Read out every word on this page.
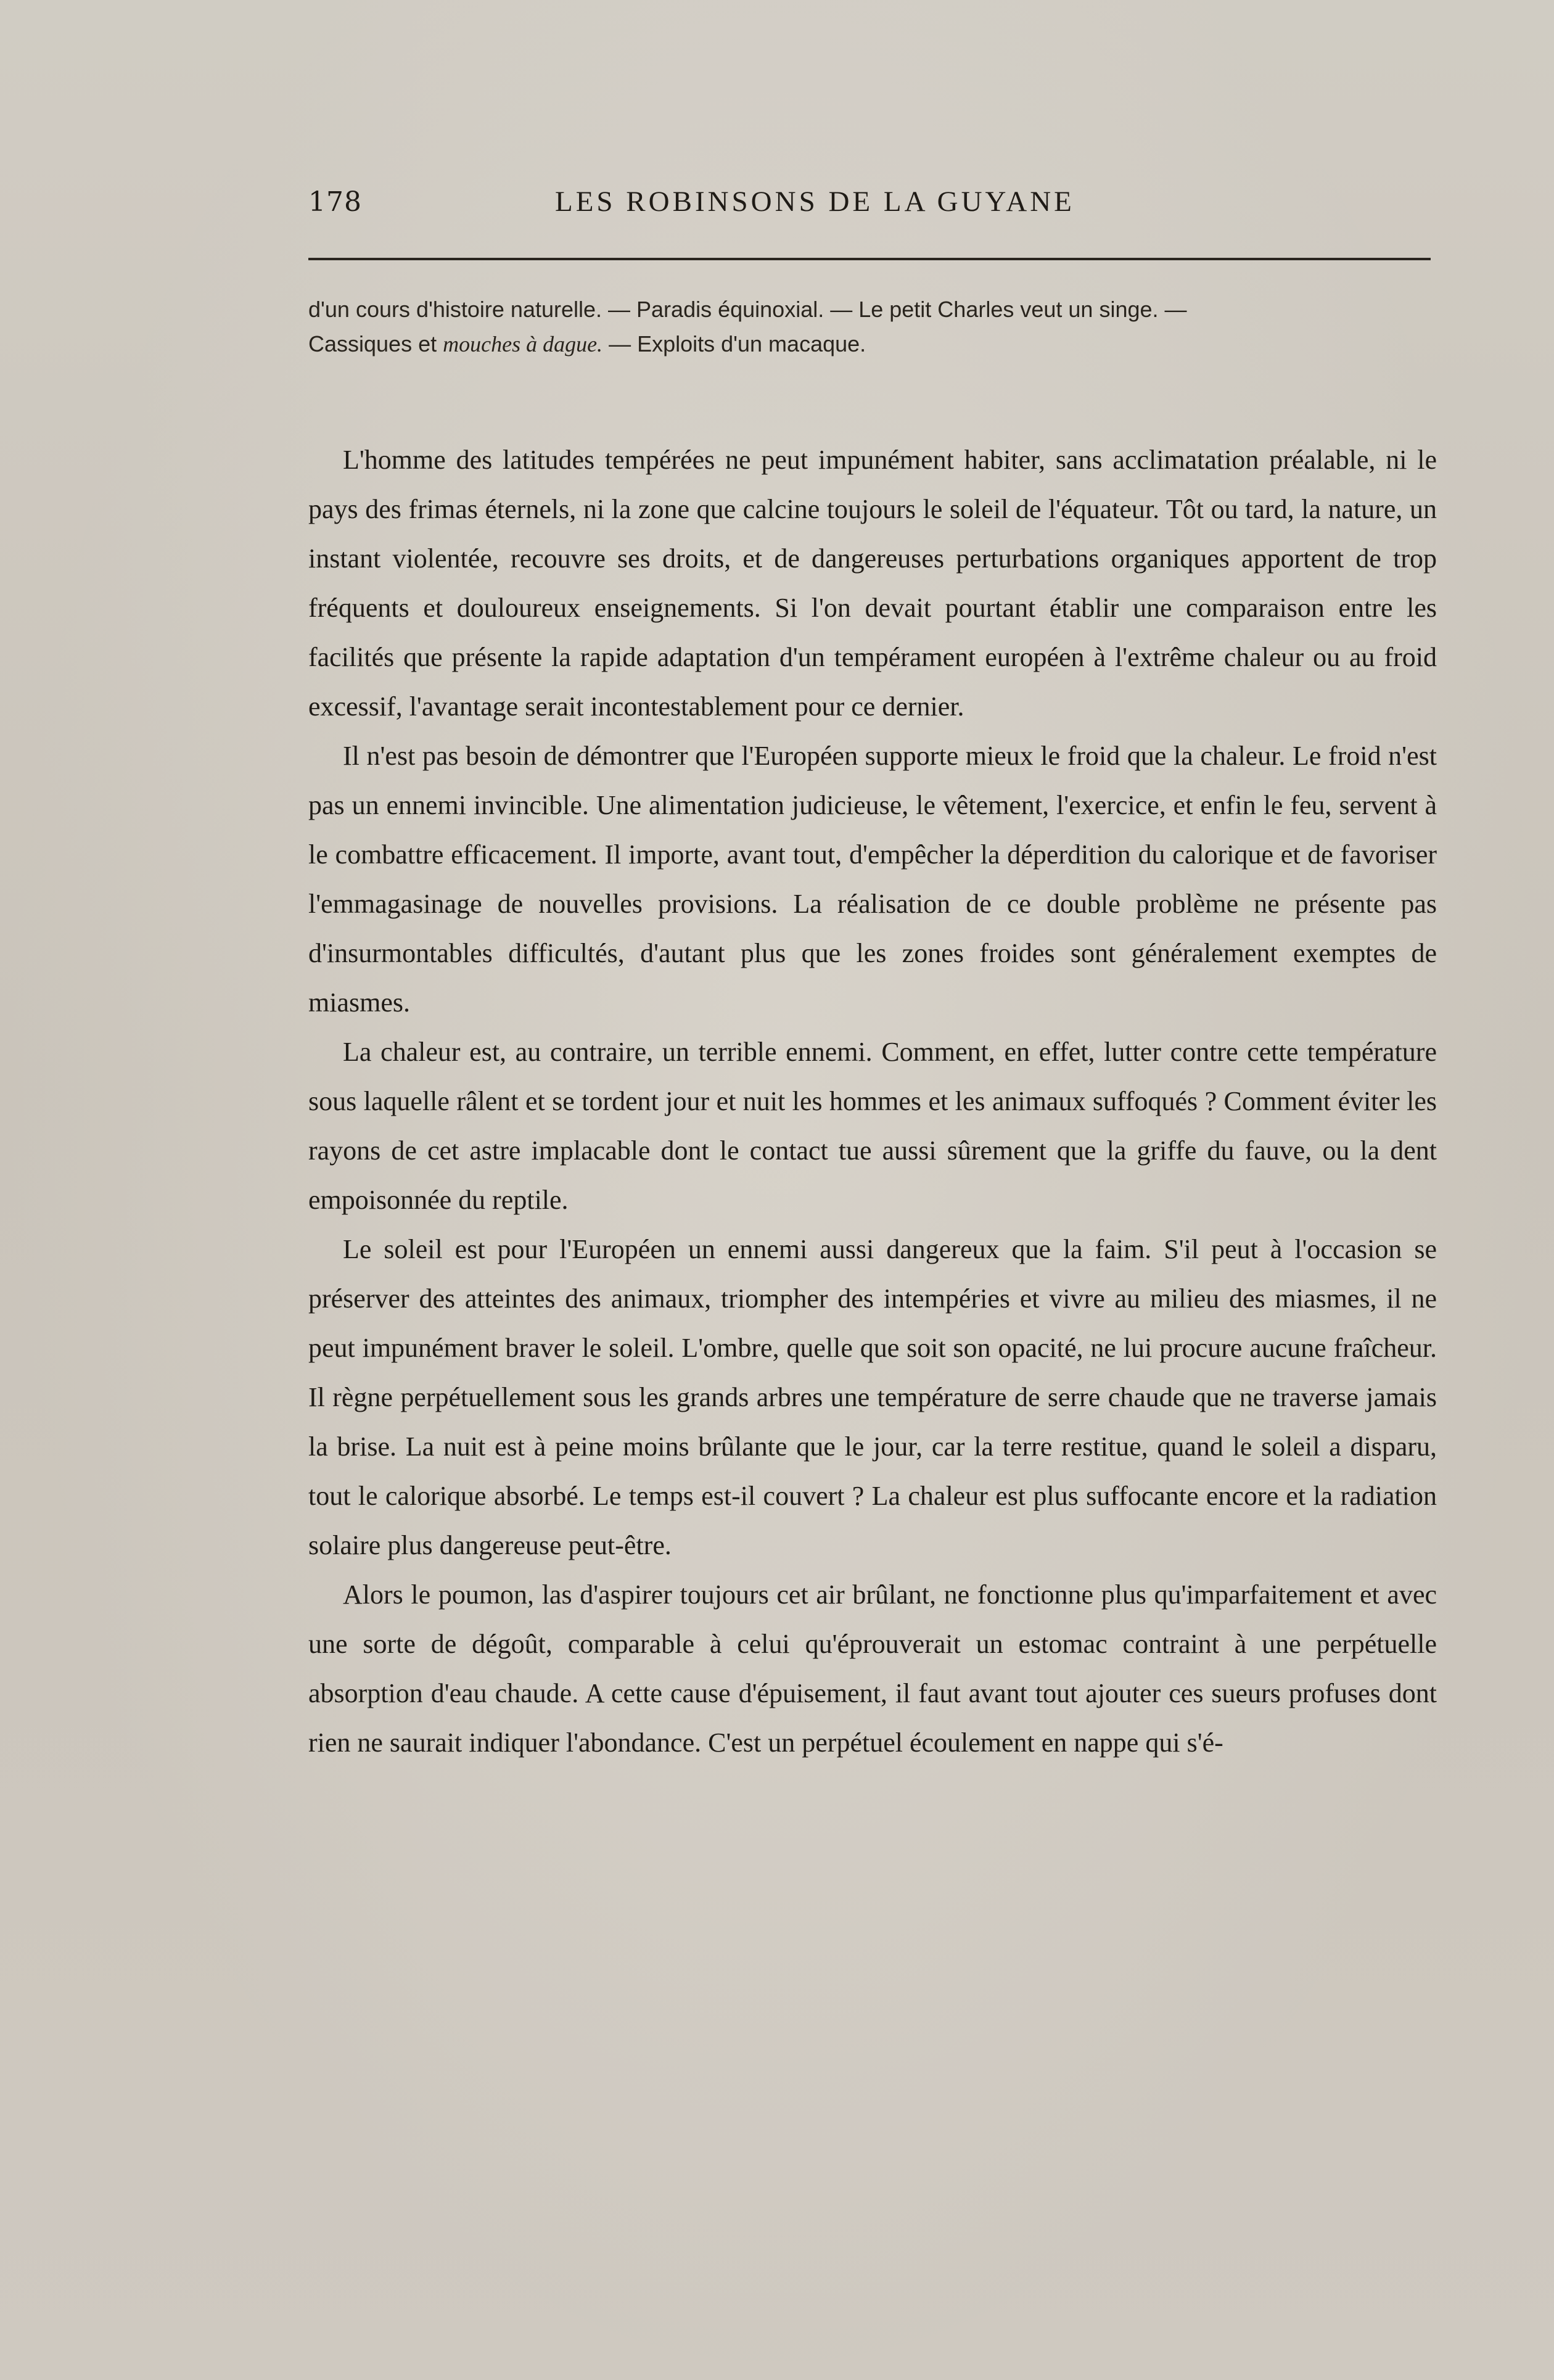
178	LES ROBINSONS DE LA GUYANE
d'un cours d'histoire naturelle. — Paradis équinoxial. — Le petit Charles veut un singe. —
Cassiques et mouches à dague. — Exploits d'un macaque.

L'homme des latitudes tempérées ne peut impunément habiter, sans acclimatation préalable, ni le pays des frimas éternels, ni la zone que calcine toujours le soleil de l'équateur. Tôt ou tard, la nature, un instant violentée, recouvre ses droits, et de dangereuses perturbations organiques apportent de trop fréquents et douloureux enseignements. Si l'on devait pourtant établir une comparaison entre les facilités que présente la rapide adaptation d'un tempérament européen à l'extrême chaleur ou au froid excessif, l'avantage serait incontestablement pour ce dernier.

Il n'est pas besoin de démontrer que l'Européen supporte mieux le froid que la chaleur. Le froid n'est pas un ennemi invincible. Une alimentation judicieuse, le vêtement, l'exercice, et enfin le feu, servent à le combattre efficacement. Il importe, avant tout, d'empêcher la déperdition du calorique et de favoriser l'emmagasinage de nouvelles provisions. La réalisation de ce double problème ne présente pas d'insurmontables difficultés, d'autant plus que les zones froides sont généralement exemptes de miasmes.

La chaleur est, au contraire, un terrible ennemi. Comment, en effet, lutter contre cette température sous laquelle râlent et se tordent jour et nuit les hommes et les animaux suffoqués ? Comment éviter les rayons de cet astre implacable dont le contact tue aussi sûrement que la griffe du fauve, ou la dent empoisonnée du reptile.

Le soleil est pour l'Européen un ennemi aussi dangereux que la faim. S'il peut à l'occasion se préserver des atteintes des animaux, triompher des intempéries et vivre au milieu des miasmes, il ne peut impunément braver le soleil. L'ombre, quelle que soit son opacité, ne lui procure aucune fraîcheur. Il règne perpétuellement sous les grands arbres une température de serre chaude que ne traverse jamais la brise. La nuit est à peine moins brûlante que le jour, car la terre restitue, quand le soleil a disparu, tout le calorique absorbé. Le temps est-il couvert ? La chaleur est plus suffocante encore et la radiation solaire plus dangereuse peut-être.

Alors le poumon, las d'aspirer toujours cet air brûlant, ne fonctionne plus qu'imparfaitement et avec une sorte de dégoût, comparable à celui qu'éprouverait un estomac contraint à une perpétuelle absorption d'eau chaude. A cette cause d'épuisement, il faut avant tout ajouter ces sueurs profuses dont rien ne saurait indiquer l'abondance. C'est un perpétuel écoulement en nappe qui s'é-
